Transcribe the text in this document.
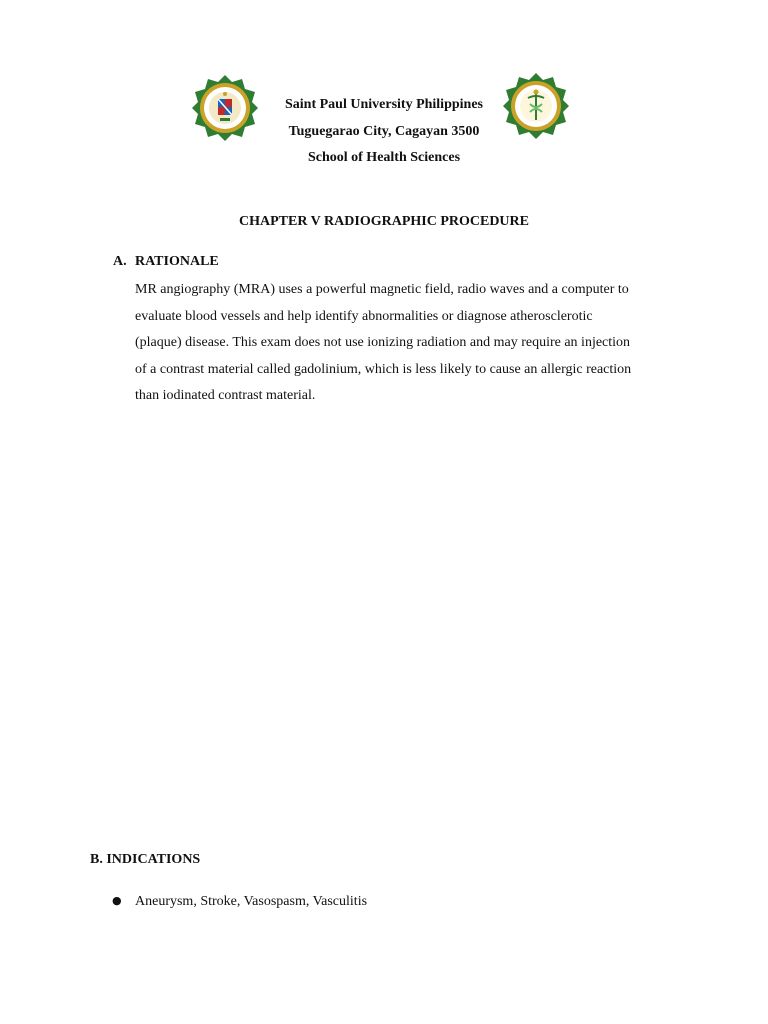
Saint Paul University Philippines
Tuguegarao City, Cagayan 3500
School of Health Sciences
CHAPTER V RADIOGRAPHIC PROCEDURE
A. RATIONALE
MR angiography (MRA) uses a powerful magnetic field, radio waves and a computer to
evaluate blood vessels and help identify abnormalities or diagnose atherosclerotic
(plaque) disease. This exam does not use ionizing radiation and may require an injection
of a contrast material called gadolinium, which is less likely to cause an allergic reaction
than iodinated contrast material.
B. INDICATIONS
● Aneurysm, Stroke, Vasospasm, Vasculitis
